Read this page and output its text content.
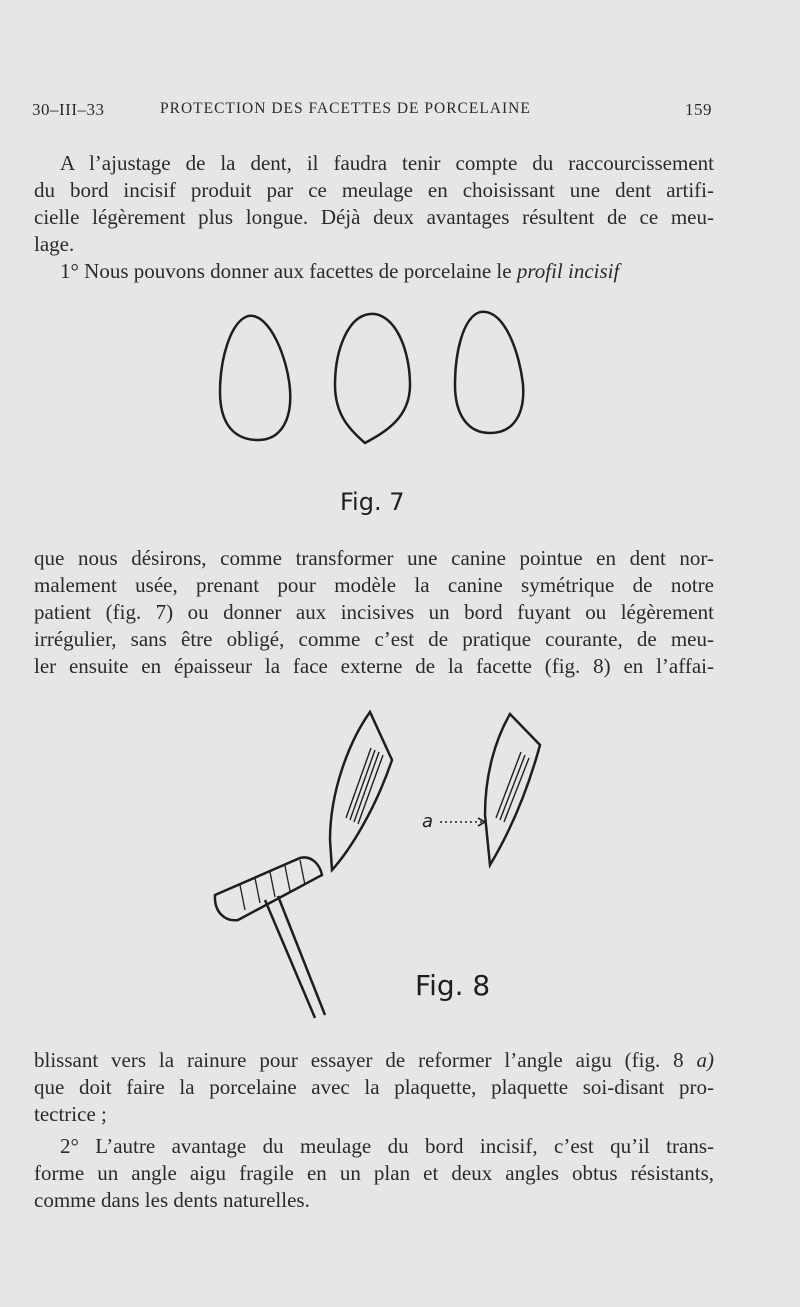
30–III–33	PROTECTION DES FACETTES DE PORCELAINE	159
A l’ajustage de la dent, il faudra tenir compte du raccourcissement
du bord incisif produit par ce meulage en choisissant une dent artifi-
cielle légèrement plus longue. Déjà deux avantages résultent de ce meu-
lage.
1° Nous pouvons donner aux facettes de porcelaine le profil incisif
Fig. 7
que nous désirons, comme transformer une canine pointue en dent nor-
malement usée, prenant pour modèle la canine symétrique de notre
patient (fig. 7) ou donner aux incisives un bord fuyant ou légèrement
irrégulier, sans être obligé, comme c’est de pratique courante, de meu-
ler ensuite en épaisseur la face externe de la facette (fig. 8) en l’affai-
a
Fig. 8
blissant vers la rainure pour essayer de reformer l’angle aigu (fig. 8 a)
que doit faire la porcelaine avec la plaquette, plaquette soi-disant pro-
tectrice ;
2° L’autre avantage du meulage du bord incisif, c’est qu’il trans-
forme un angle aigu fragile en un plan et deux angles obtus résistants,
comme dans les dents naturelles.
